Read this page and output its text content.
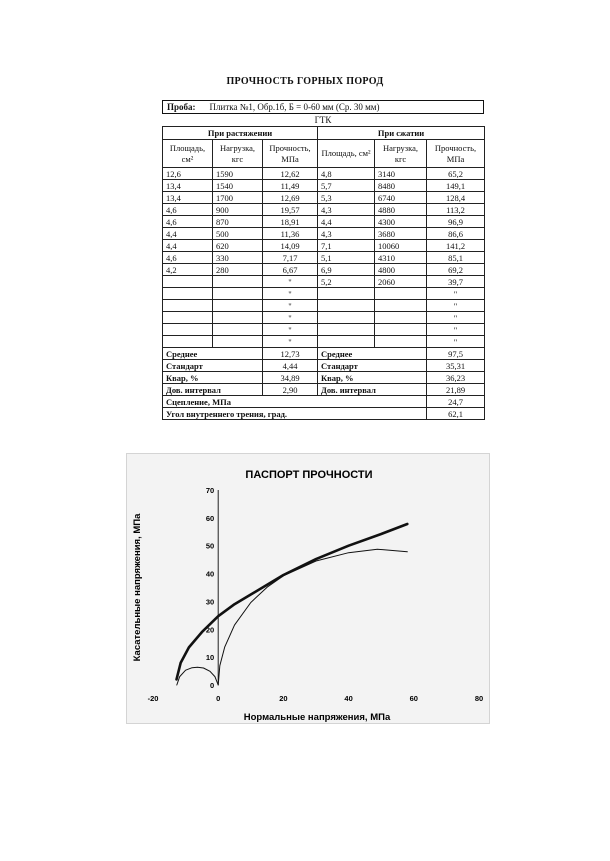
ПРОЧНОСТЬ ГОРНЫХ ПОРОД
Проба: Плитка №1, Обр.1б, Б = 0-60 мм (Ср. 30 мм)
ГТК
При растяжении			При сжатии		
Площадь, см²	Нагрузка, кгс	Прочность, МПа	Площадь, см²	Нагрузка, кгс	Прочность, МПа
12,6	1590	12,62	4,8	3140	65,2
13,4	1540	11,49	5,7	8480	149,1
13,4	1700	12,69	5,3	6740	128,4
4,6	900	19,57	4,3	4880	113,2
4,6	870	18,91	4,4	4300	96,9
4,4	500	11,36	4,3	3680	86,6
4,4	620	14,09	7,1	10060	141,2
4,6	330	7,17	5,1	4310	85,1
4,2	280	6,67	6,9	4800	69,2
		"	5,2	2060	39,7
		"			"
		"			"
		"			"
		"			"
		"			"
Среднее		12,73	Среднее		97,5
Стандарт		4,44	Стандарт		35,31
Квар, %		34,89	Квар, %		36,23
Дов. интервал		2,90	Дов. интервал		21,89
Сцепление, МПа					24,7
Угол внутреннего трения, град.					62,1
ПАСПОРТ ПРОЧНОСТИ
0
10
20
30
40
50
60
70
-20	0	20	40	60	80
Нормальные напряжения, МПа
Касательные напряжения, МПа
